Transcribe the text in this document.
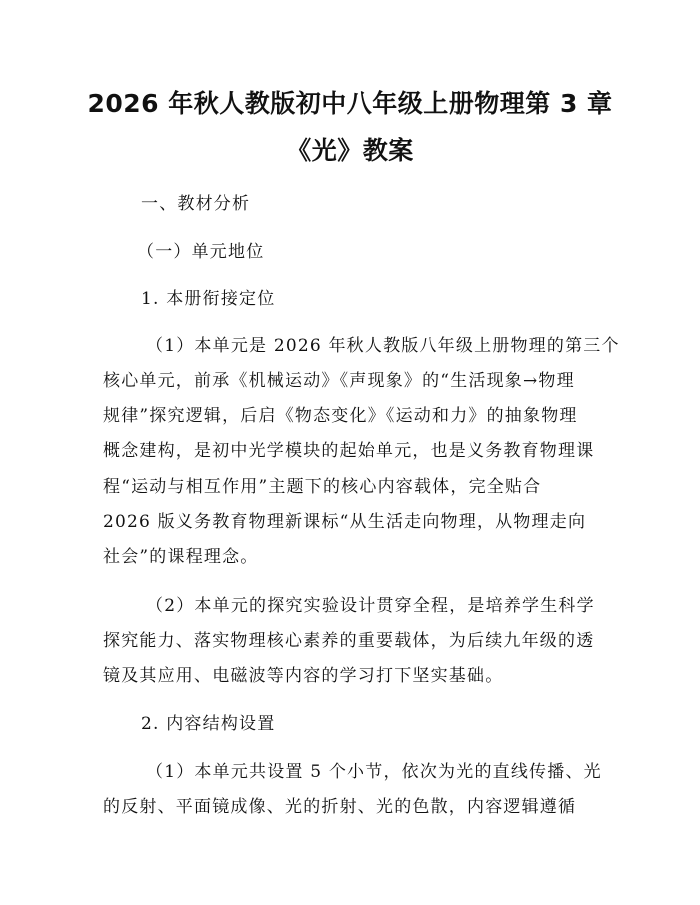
2026 年秋人教版初中八年级上册物理第 3 章
《光》教案
一、教材分析
（一）单元地位
1. 本册衔接定位
（1）本单元是 2026 年秋人教版八年级上册物理的第三个
核心单元，前承《机械运动》《声现象》的“生活现象→物理
规律”探究逻辑，后启《物态变化》《运动和力》的抽象物理
概念建构，是初中光学模块的起始单元，也是义务教育物理课
程“运动与相互作用”主题下的核心内容载体，完全贴合
2026 版义务教育物理新课标“从生活走向物理，从物理走向
社会”的课程理念。
（2）本单元的探究实验设计贯穿全程，是培养学生科学
探究能力、落实物理核心素养的重要载体，为后续九年级的透
镜及其应用、电磁波等内容的学习打下坚实基础。
2. 内容结构设置
（1）本单元共设置 5 个小节，依次为光的直线传播、光
的反射、平面镜成像、光的折射、光的色散，内容逻辑遵循
